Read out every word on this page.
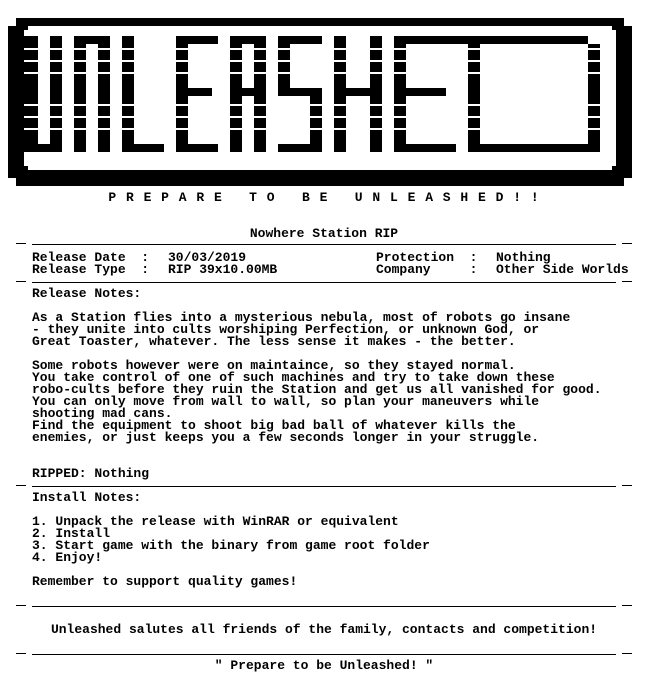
P R E P A R E   T O   B E   U N L E A S H E D ! !
Nowhere Station RIP
Release Date  : 30/03/2019	Protection  : Nothing
Release Type  : RIP 39x10.00MB	Company     : Other Side Worlds
Release Notes:
As a Station flies into a mysterious nebula, most of robots go insane
- they unite into cults worshiping Perfection, or unknown God, or
Great Toaster, whatever. The less sense it makes - the better.
Some robots however were on maintaince, so they stayed normal.
You take control of one of such machines and try to take down these
robo-cults before they ruin the Station and get us all vanished for good.
You can only move from wall to wall, so plan your maneuvers while
shooting mad cans.
Find the equipment to shoot big bad ball of whatever kills the
enemies, or just keeps you a few seconds longer in your struggle.
RIPPED: Nothing
Install Notes:
1. Unpack the release with WinRAR or equivalent
2. Install
3. Start game with the binary from game root folder
4. Enjoy!
Remember to support quality games!
Unleashed salutes all friends of the family, contacts and competition!
" Prepare to be Unleashed! "
